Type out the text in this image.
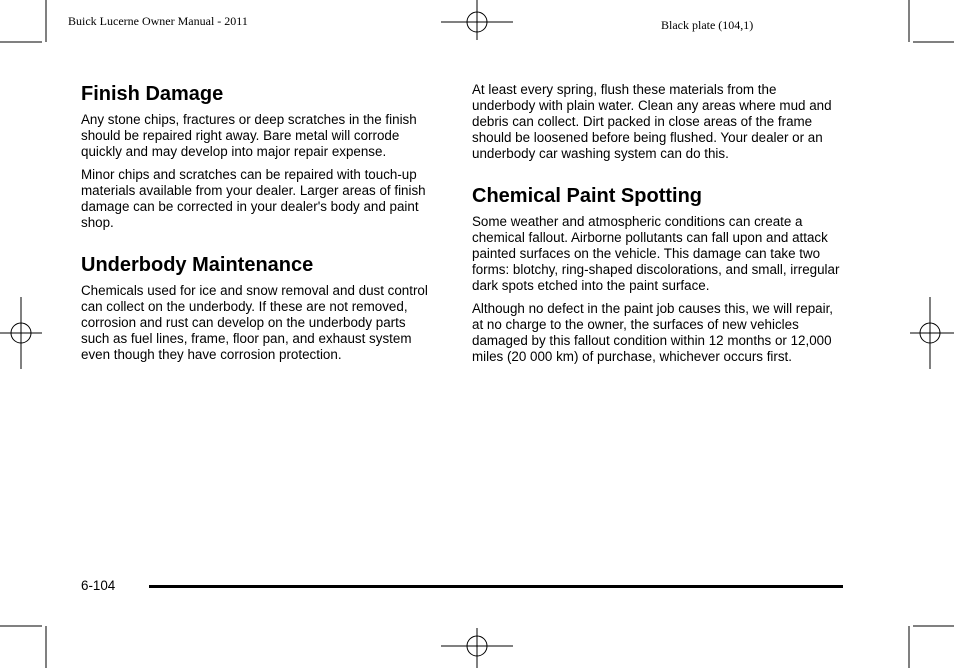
Buick Lucerne Owner Manual - 2011	Black plate (104,1)
Finish Damage

Any stone chips, fractures or deep scratches in the finish should be repaired right away. Bare metal will corrode quickly and may develop into major repair expense.

Minor chips and scratches can be repaired with touch-up materials available from your dealer. Larger areas of finish damage can be corrected in your dealer's body and paint shop.

Underbody Maintenance

Chemicals used for ice and snow removal and dust control can collect on the underbody. If these are not removed, corrosion and rust can develop on the underbody parts such as fuel lines, frame, floor pan, and exhaust system even though they have corrosion protection.

At least every spring, flush these materials from the underbody with plain water. Clean any areas where mud and debris can collect. Dirt packed in close areas of the frame should be loosened before being flushed. Your dealer or an underbody car washing system can do this.

Chemical Paint Spotting

Some weather and atmospheric conditions can create a chemical fallout. Airborne pollutants can fall upon and attack painted surfaces on the vehicle. This damage can take two forms: blotchy, ring-shaped discolorations, and small, irregular dark spots etched into the paint surface.

Although no defect in the paint job causes this, we will repair, at no charge to the owner, the surfaces of new vehicles damaged by this fallout condition within 12 months or 12,000 miles (20 000 km) of purchase, whichever occurs first.

6-104
